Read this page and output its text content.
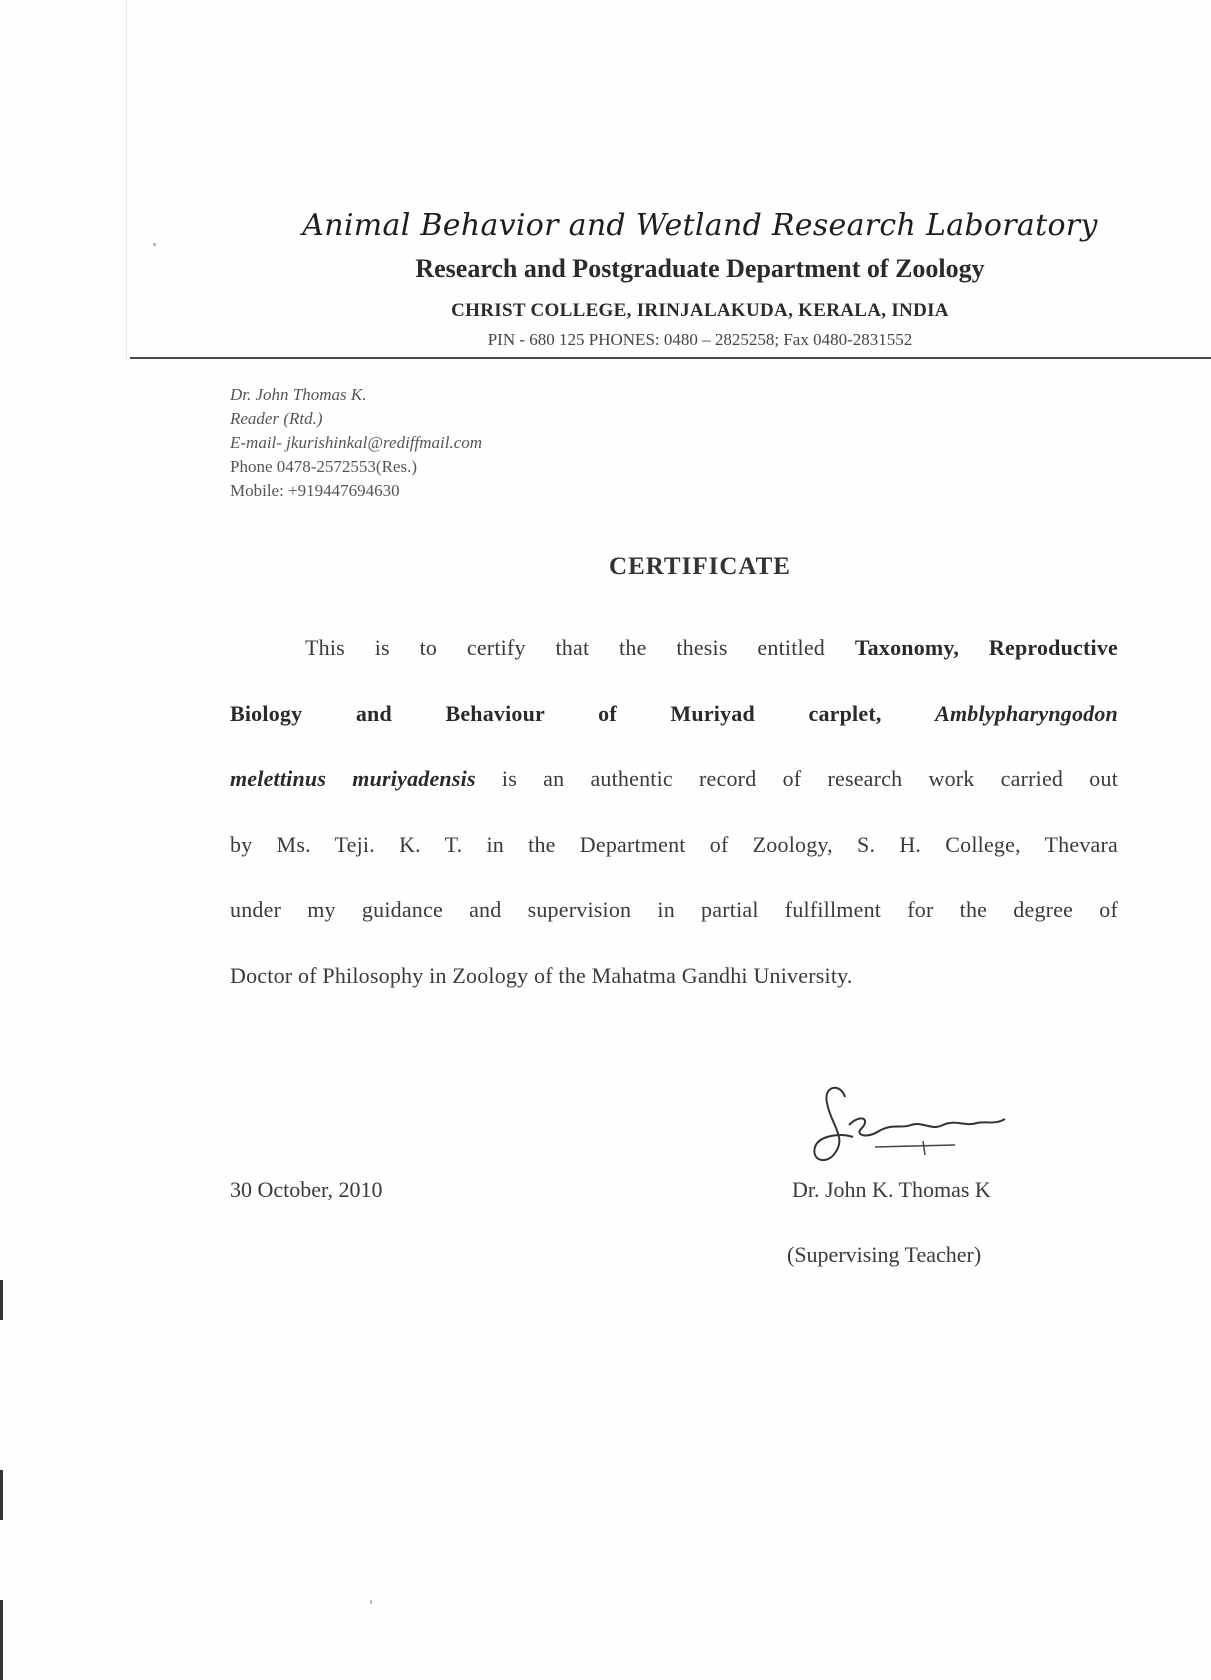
Animal Behavior and Wetland Research Laboratory
Research and Postgraduate Department of Zoology
CHRIST COLLEGE, IRINJALAKUDA, KERALA, INDIA
PIN - 680 125 PHONES: 0480 – 2825258; Fax 0480-2831552
Dr. John Thomas K.
Reader (Rtd.)
E-mail- jkurishinkal@rediffmail.com
Phone 0478-2572553(Res.)
Mobile: +919447694630
CERTIFICATE
This is to certify that the thesis entitled Taxonomy, Reproductive
Biology and Behaviour of Muriyad carplet, Amblypharyngodon
melettinus muriyadensis is an authentic record of research work carried out
by Ms. Teji. K. T. in the Department of Zoology, S. H. College, Thevara
under my guidance and supervision in partial fulfillment for the degree of
Doctor of Philosophy in Zoology of the Mahatma Gandhi University.
30 October, 2010	Dr. John K. Thomas K
(Supervising Teacher)
